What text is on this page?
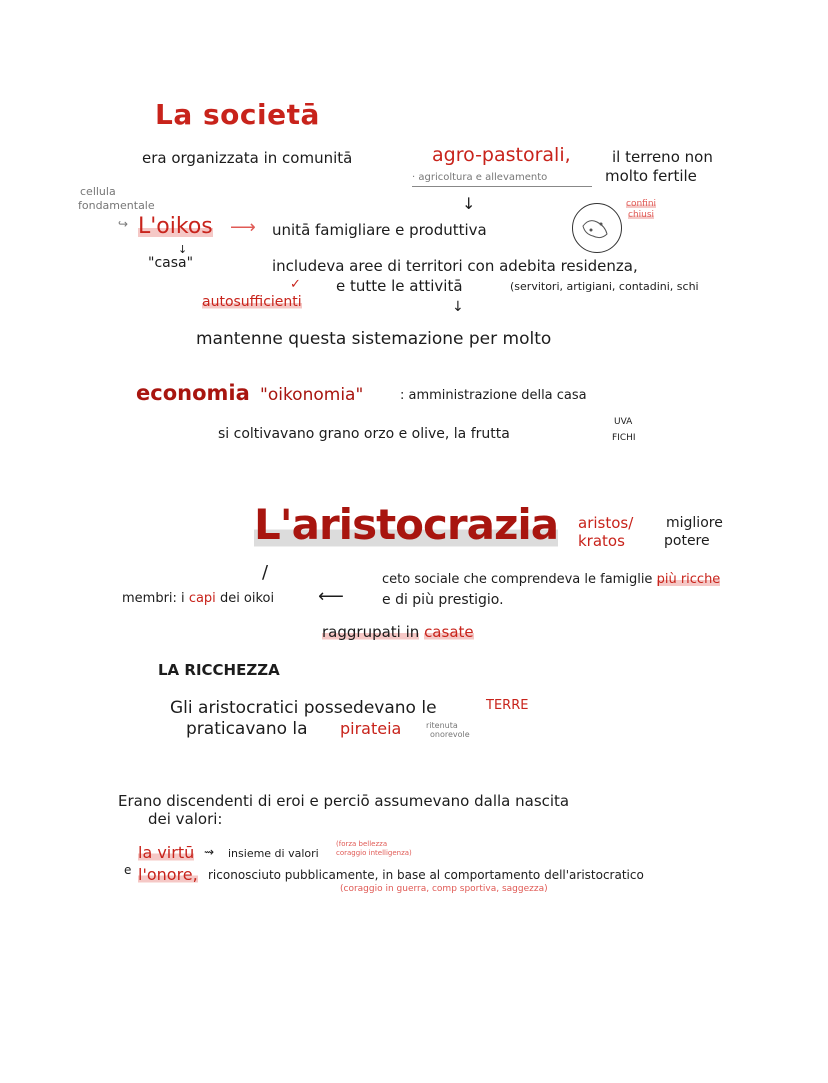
La societā
era organizzata in comunitā	agro-pastorali,	il terreno non
· agricoltura e allevamento	molto fertile
↓
cellula
fondamentale
↪ L'oikos ⟶ unitā famigliare e produttiva
↓
"casa"
confini
chiusi
includeva aree di territori con adebita residenza,
✓ e tutte le attivitā	(servitori, artigiani, contadini, schi
autosufficienti	↓
mantenne questa sistemazione per molto
economia "oikonomia"	: amministrazione della casa
si coltivavano grano orzo e olive, la frutta
UVA
FICHI
L'aristocrazia aristos/
kratos
migliore
potere
/
membri: i capi dei oikoi ⟵
ceto sociale che comprendeva le famiglie più ricche
e di più prestigio.
raggrupati in casate
LA RICCHEZZA
Gli aristocratici possedevano le	TERRE
praticavano la pirateia	ritenuta
onorevole
Erano discendenti di eroi e perciō assumevano dalla nascita
dei valori:
la virtū ⇝ insieme di valori
(forza bellezza
coraggio intelligenza)
e l'onore, riconosciuto pubblicamente, in base al comportamento dell'aristocratico
(coraggio in guerra, comp sportiva, saggezza)
